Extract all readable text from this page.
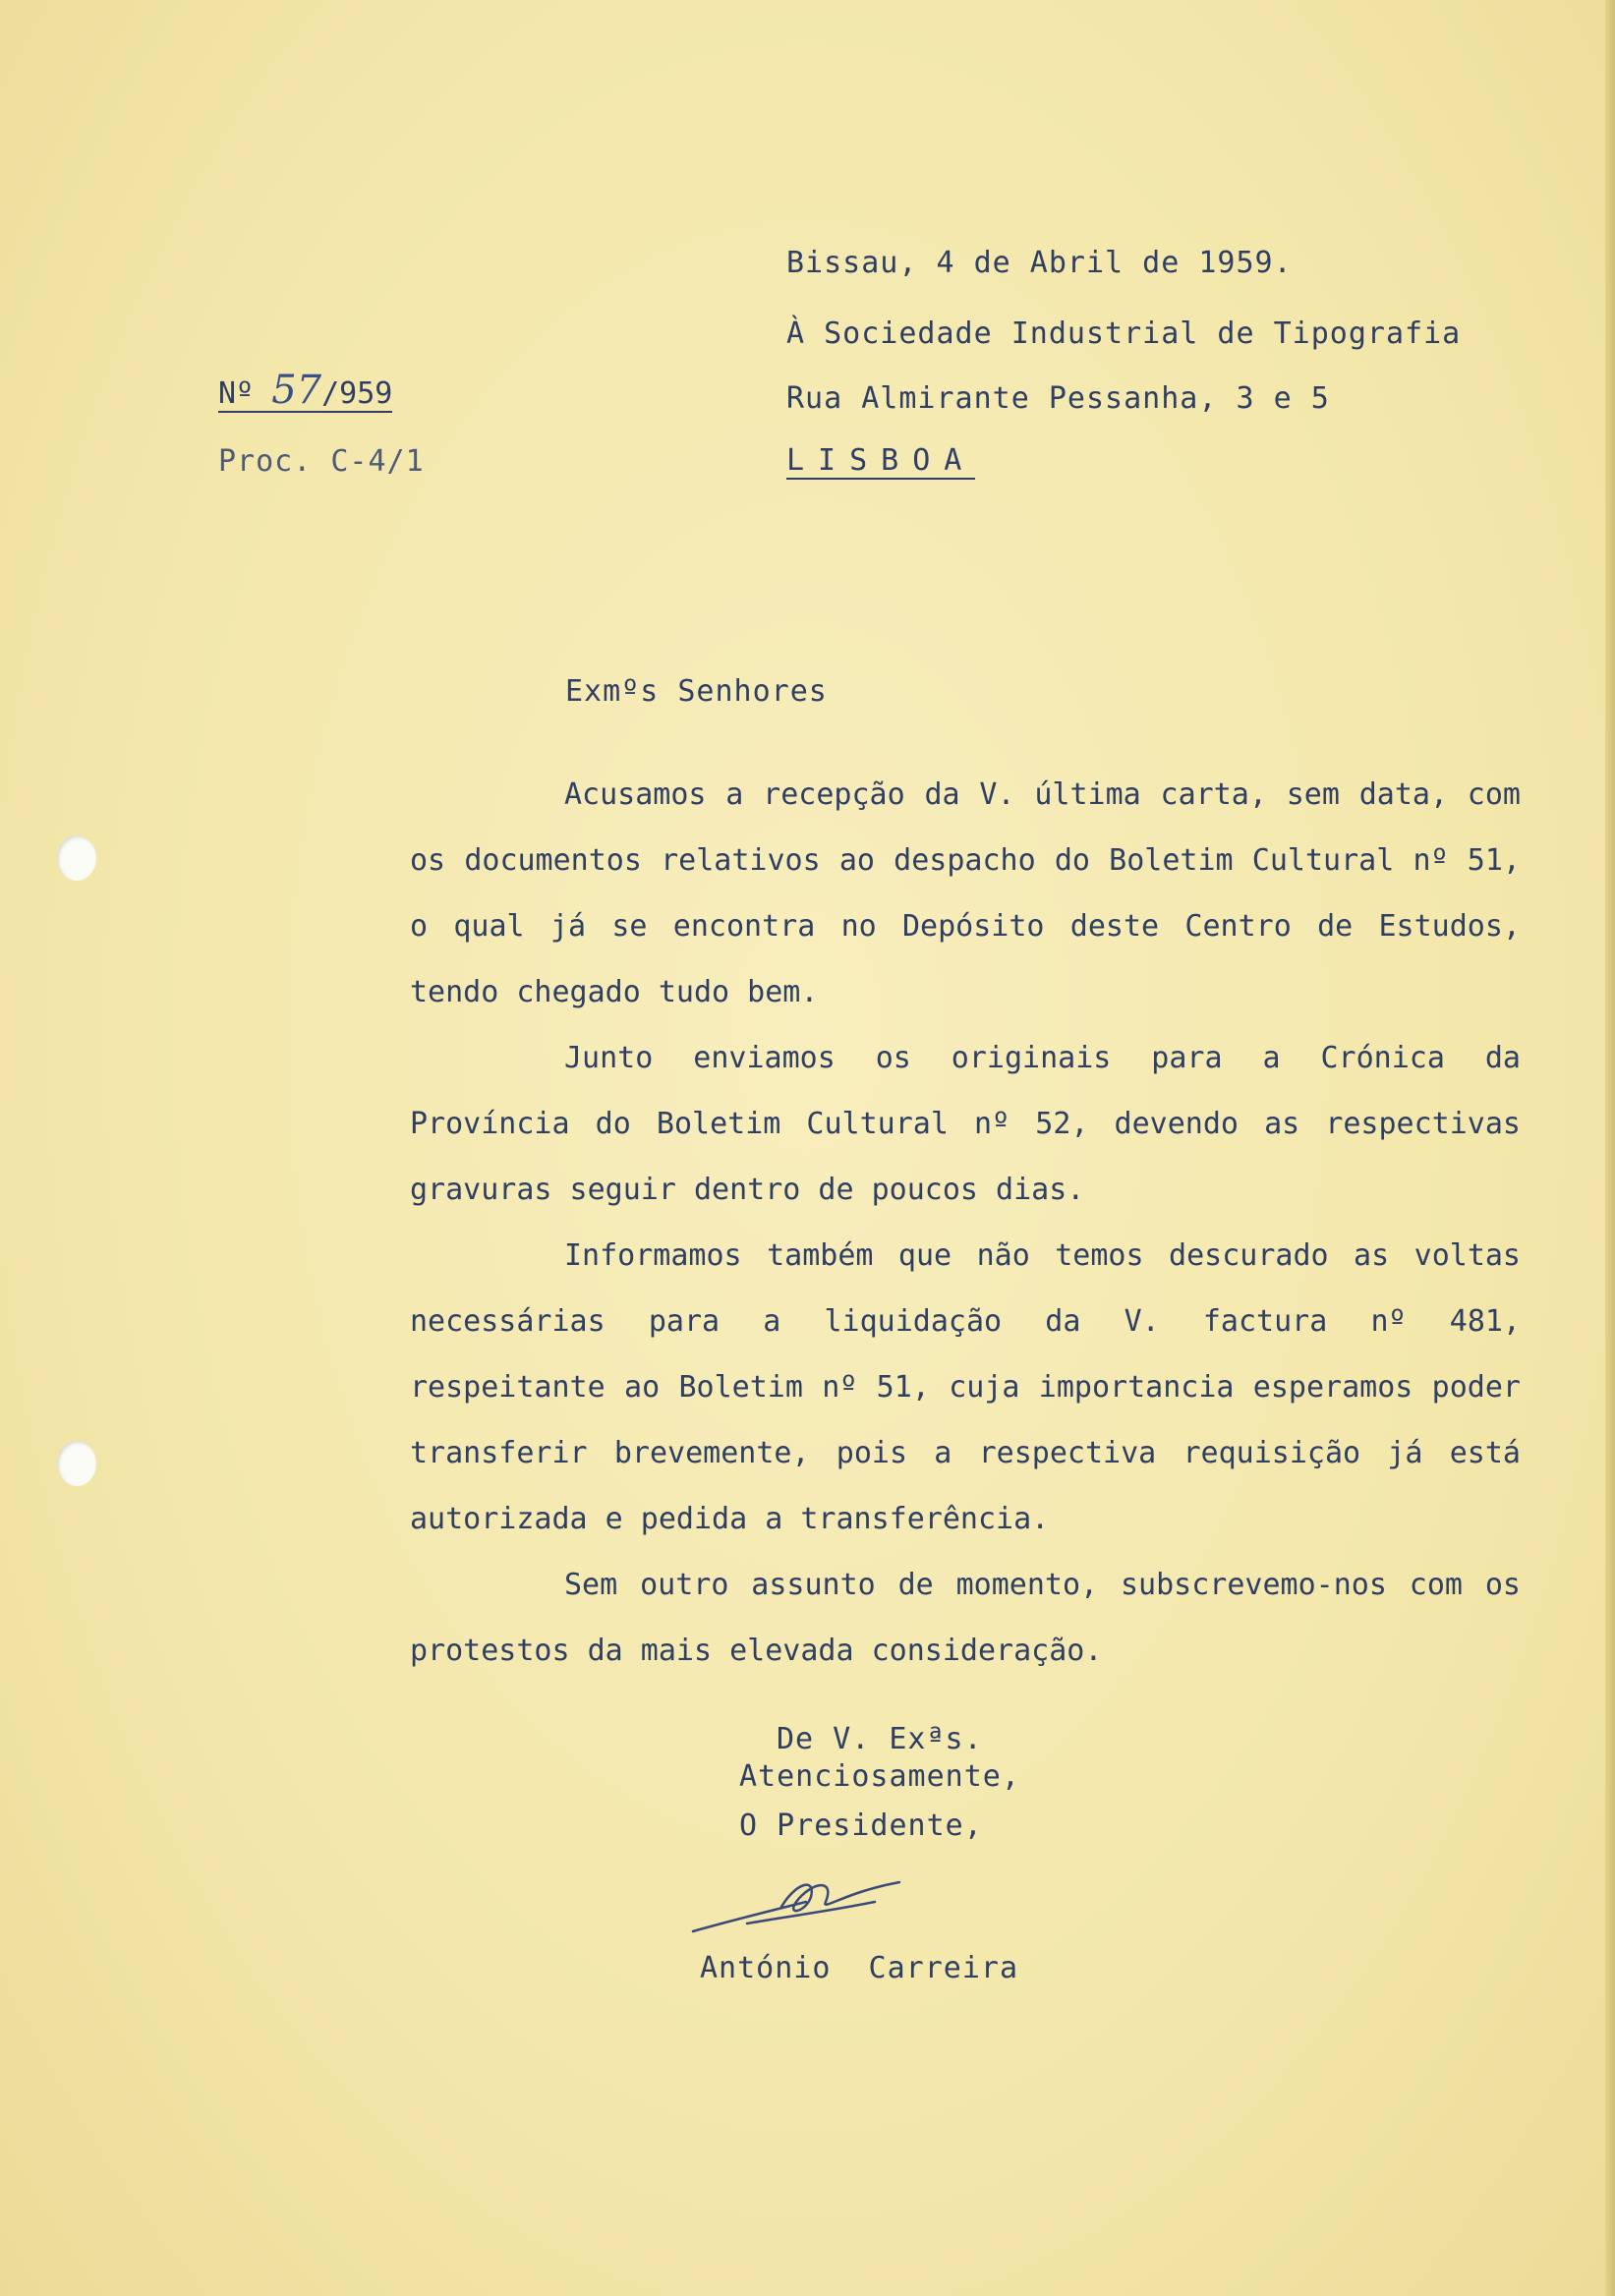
Bissau, 4 de Abril de 1959.
À Sociedade Industrial de Tipografia
Rua Almirante Pessanha, 3 e 5
LISBOA
Nº 57/959
Proc. C-4/1
Exmºs Senhores

Acusamos a recepção da V. última carta, sem data, com os documentos relativos ao despacho do Boletim Cultural nº 51, o qual já se encontra no Depósito deste Centro de Estudos, tendo chegado tudo bem.

Junto enviamos os originais para a Crónica da Província do Boletim Cultural nº 52, devendo as respectivas gravuras seguir dentro de poucos dias.

Informamos também que não temos descurado as voltas necessárias para a liquidação da V. factura nº 481, respeitante ao Boletim nº 51, cuja importancia esperamos poder transferir brevemente, pois a respectiva requisição já está autorizada e pedida a transferência.

Sem outro assunto de momento, subscrevemo-nos com os protestos da mais elevada consideração.

De V. Exªs.
Atenciosamente,
O Presidente,
António  Carreira
